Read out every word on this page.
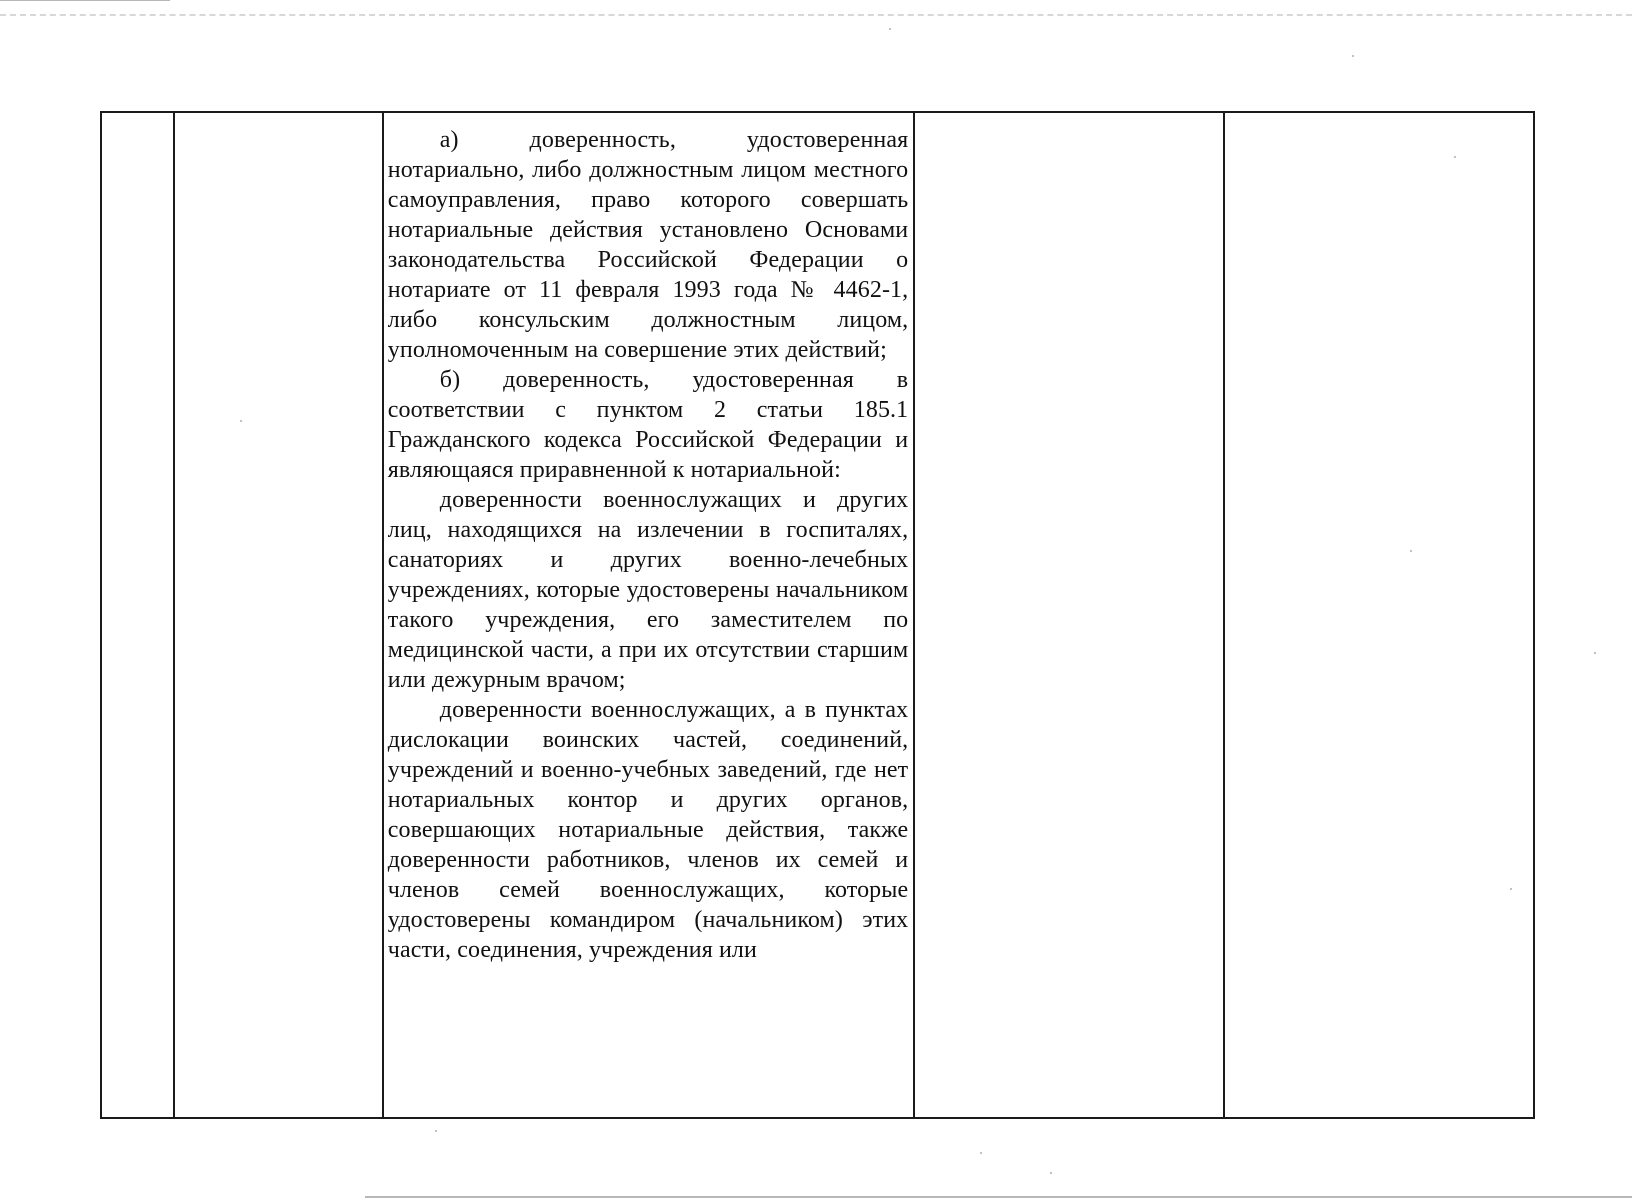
а) доверенность, удостоверенная нотариально, либо должностным лицом местного самоуправления, право которого совершать нотариальные действия установлено Основами законодательства Российской Федерации о нотариате от 11 февраля 1993 года № 4462-1, либо консульским должностным лицом, уполномоченным на совершение этих действий;

б) доверенность, удостоверенная в соответствии с пунктом 2 статьи 185.1 Гражданского кодекса Российской Федерации и являющаяся приравненной к нотариальной:

доверенности военнослужащих и других лиц, находящихся на излечении в госпиталях, санаториях и других военно-лечебных учреждениях, которые удостоверены начальником такого учреждения, его заместителем по медицинской части, а при их отсутствии старшим или дежурным врачом;

доверенности военнослужащих, а в пунктах дислокации воинских частей, соединений, учреждений и военно-учебных заведений, где нет нотариальных контор и других органов, совершающих нотариальные действия, также доверенности работников, членов их семей и членов семей военнослужащих, которые удостоверены командиром (начальником) этих части, соединения, учреждения или
